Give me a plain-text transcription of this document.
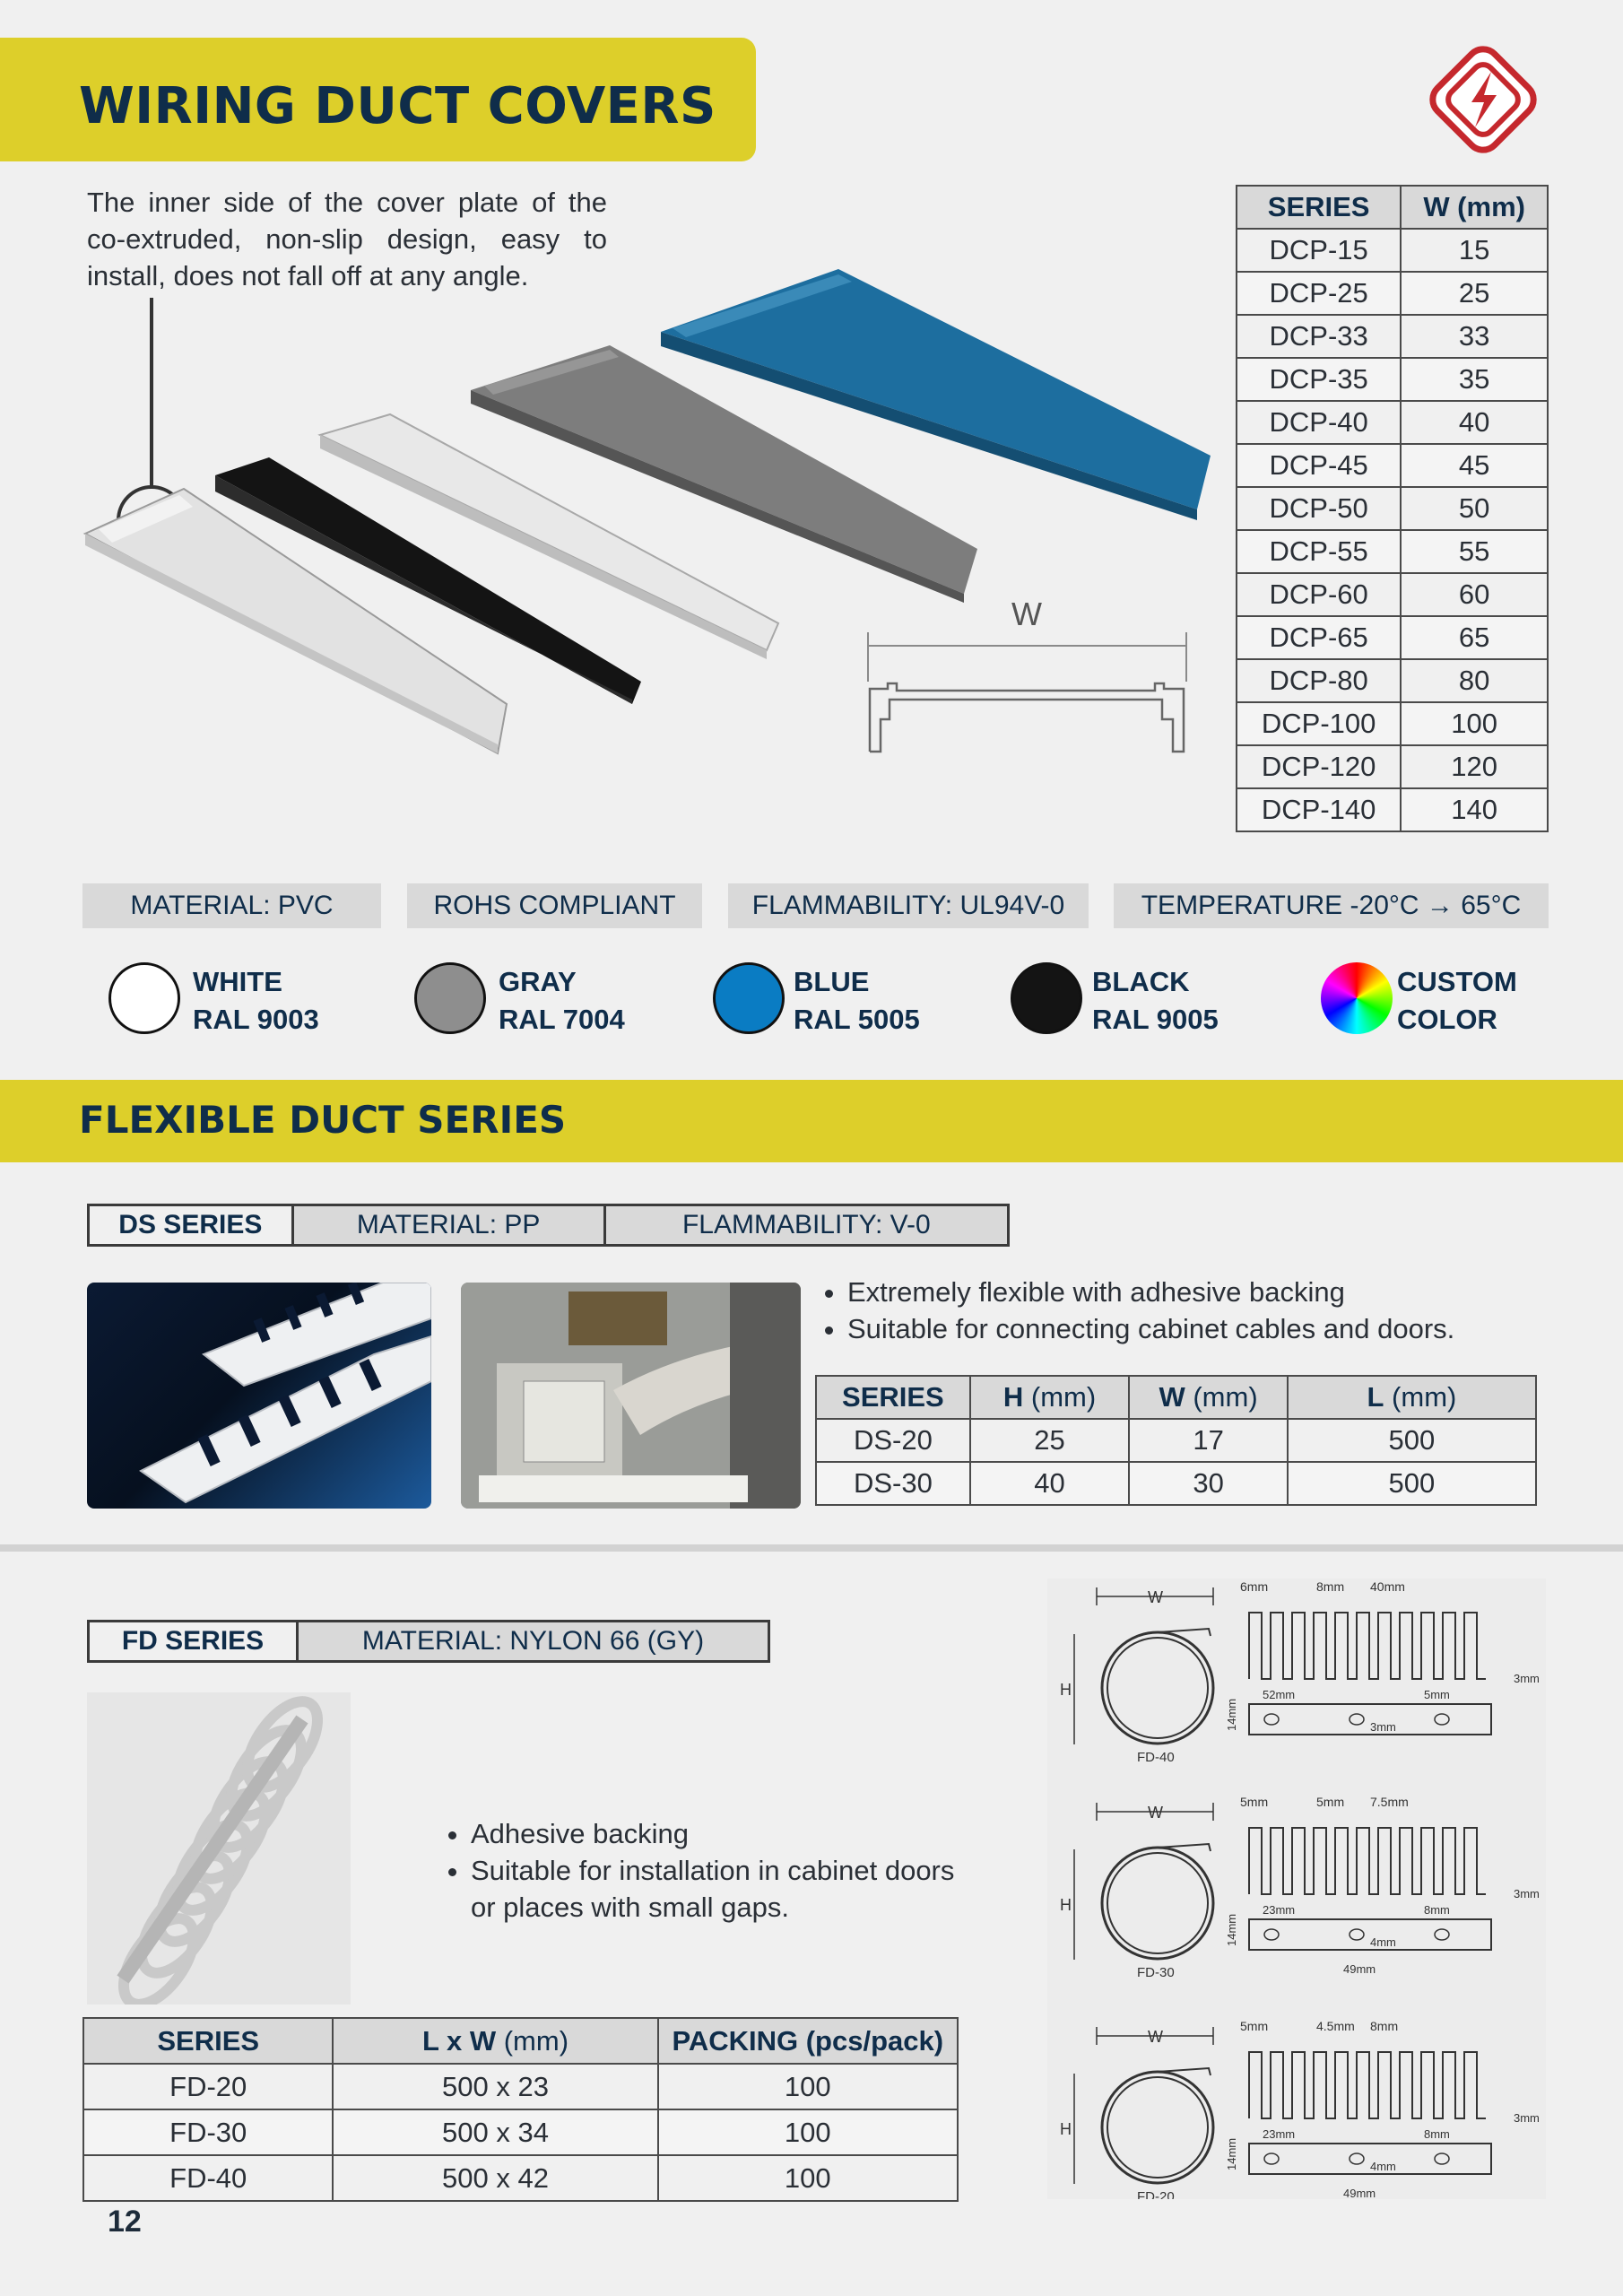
WIRING DUCT COVERS
The inner side of the cover plate of the co-extruded, non-slip design, easy to install, does not fall off at any angle.
W
SERIES	W (mm)
DCP-15	15
DCP-25	25
DCP-33	33
DCP-35	35
DCP-40	40
DCP-45	45
DCP-50	50
DCP-55	55
DCP-60	60
DCP-65	65
DCP-80	80
DCP-100	100
DCP-120	120
DCP-140	140
MATERIAL: PVC	ROHS COMPLIANT	FLAMMABILITY: UL94V-0	TEMPERATURE -20°C → 65°C
WHITE
RAL 9003
GRAY
RAL 7004
BLUE
RAL 5005
BLACK
RAL 9005
CUSTOM
COLOR
FLEXIBLE DUCT SERIES
DS SERIES	MATERIAL: PP	FLAMMABILITY: V-0
• Extremely flexible with adhesive backing
• Suitable for connecting cabinet cables and doors.
SERIES	H (mm)	W (mm)	L (mm)
DS-20	25	17	500
DS-30	40	30	500
FD SERIES	MATERIAL: NYLON 66 (GY)
• Adhesive backing
• Suitable for installation in cabinet doors or places with small gaps.
W
H
FD-40
6mm	8mm 40mm
3mm
52mm	5mm
14mm	3mm
W
H
FD-30
5mm	5mm 7.5mm
3mm
23mm	8mm
14mm	4mm
49mm
W
H
FD-20
5mm	4.5mm 8mm
3mm
23mm	8mm
14mm	4mm
49mm
SERIES	L x W (mm)	PACKING (pcs/pack)
FD-20	500 x 23	100
FD-30	500 x 34	100
FD-40	500 x 42	100
12
